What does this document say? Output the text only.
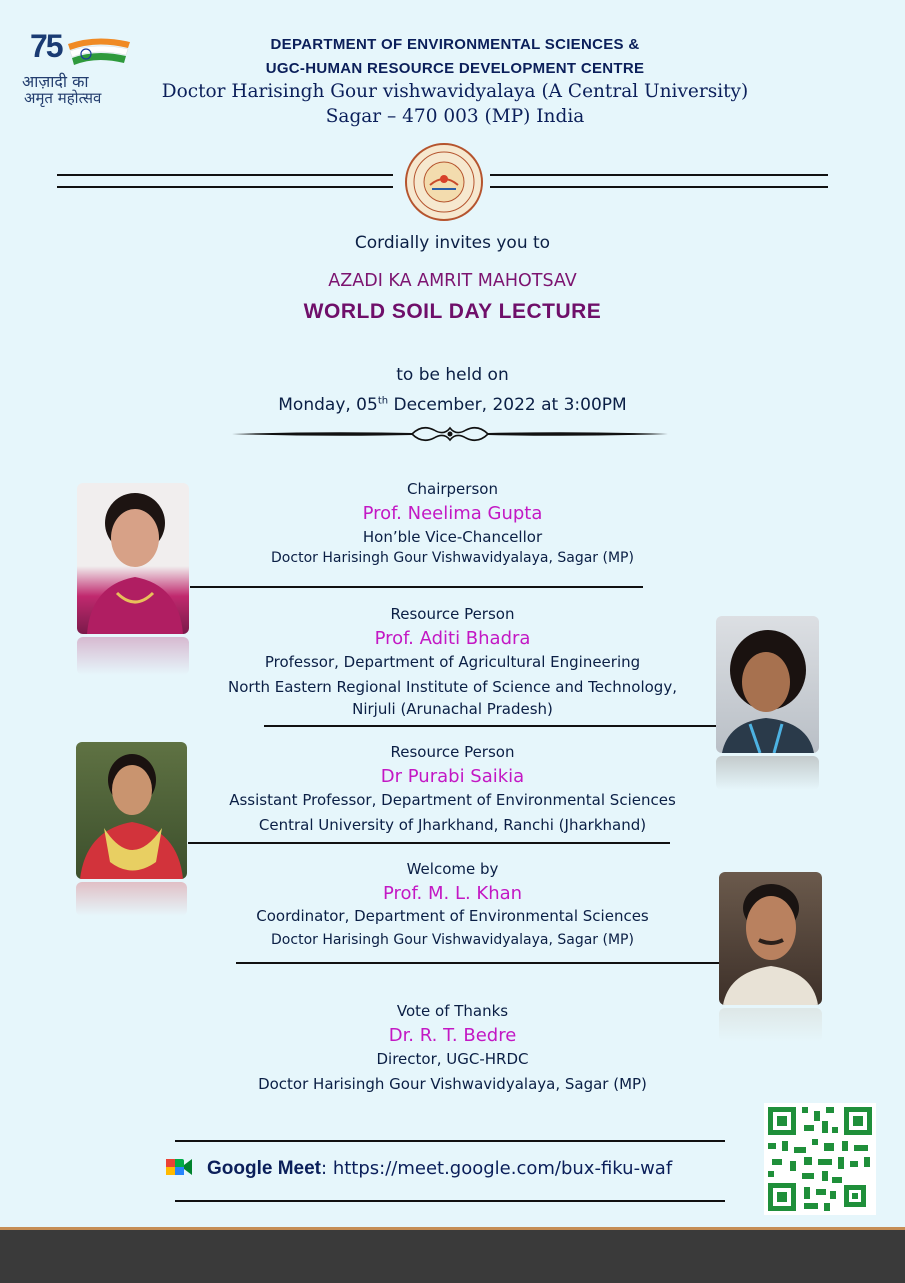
75
आज़ादी का
अमृत महोत्सव
DEPARTMENT OF ENVIRONMENTAL SCIENCES &
UGC-HUMAN RESOURCE DEVELOPMENT CENTRE
Doctor Harisingh Gour vishwavidyalaya (A Central University)
Sagar – 470 003 (MP) India
Cordially invites you to
AZADI KA AMRIT MAHOTSAV
WORLD SOIL DAY LECTURE
to be held on
Monday, 05th December, 2022 at 3:00PM
Chairperson
Prof. Neelima Gupta
Hon’ble Vice-Chancellor
Doctor Harisingh Gour Vishwavidyalaya, Sagar (MP)
Resource Person
Prof. Aditi Bhadra
Professor, Department of Agricultural Engineering
North Eastern Regional Institute of Science and Technology,
Nirjuli (Arunachal Pradesh)
Resource Person
Dr Purabi Saikia
Assistant Professor, Department of Environmental Sciences
Central University of Jharkhand, Ranchi (Jharkhand)
Welcome by
Prof. M. L. Khan
Coordinator, Department of Environmental Sciences
Doctor Harisingh Gour Vishwavidyalaya, Sagar (MP)
Vote of Thanks
Dr. R. T. Bedre
Director, UGC-HRDC
Doctor Harisingh Gour Vishwavidyalaya, Sagar (MP)
Google Meet: https://meet.google.com/bux-fiku-waf
